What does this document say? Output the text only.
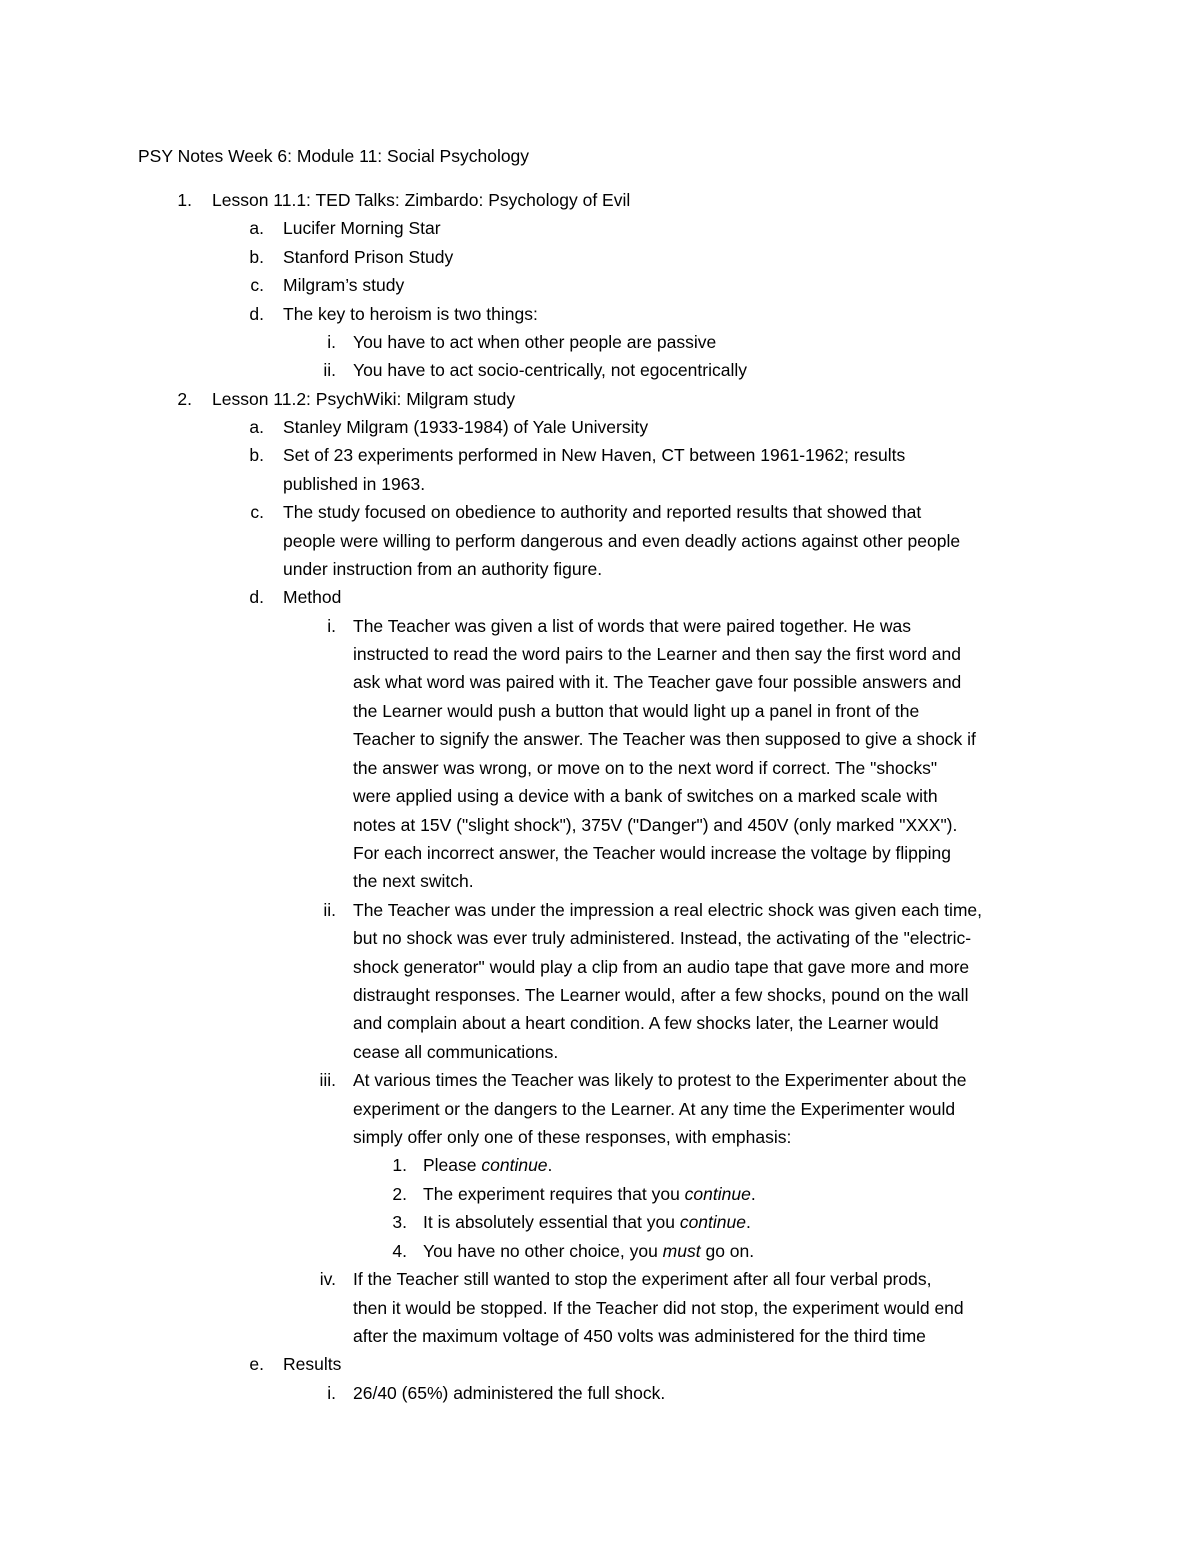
PSY Notes Week 6: Module 11: Social Psychology
1. Lesson 11.1: TED Talks: Zimbardo: Psychology of Evil
a. Lucifer Morning Star
b. Stanford Prison Study
c. Milgram’s study
d. The key to heroism is two things:
i. You have to act when other people are passive
ii. You have to act socio-centrically, not egocentrically
2. Lesson 11.2: PsychWiki: Milgram study
a. Stanley Milgram (1933-1984) of Yale University
b. Set of 23 experiments performed in New Haven, CT between 1961-1962; results
published in 1963.
c. The study focused on obedience to authority and reported results that showed that
people were willing to perform dangerous and even deadly actions against other people
under instruction from an authority figure.
d. Method
i. The Teacher was given a list of words that were paired together. He was
instructed to read the word pairs to the Learner and then say the first word and
ask what word was paired with it. The Teacher gave four possible answers and
the Learner would push a button that would light up a panel in front of the
Teacher to signify the answer. The Teacher was then supposed to give a shock if
the answer was wrong, or move on to the next word if correct. The "shocks"
were applied using a device with a bank of switches on a marked scale with
notes at 15V ("slight shock"), 375V ("Danger") and 450V (only marked "XXX").
For each incorrect answer, the Teacher would increase the voltage by flipping
the next switch.
ii. The Teacher was under the impression a real electric shock was given each time,
but no shock was ever truly administered. Instead, the activating of the "electric-
shock generator" would play a clip from an audio tape that gave more and more
distraught responses. The Learner would, after a few shocks, pound on the wall
and complain about a heart condition. A few shocks later, the Learner would
cease all communications.
iii. At various times the Teacher was likely to protest to the Experimenter about the
experiment or the dangers to the Learner. At any time the Experimenter would
simply offer only one of these responses, with emphasis:
1. Please continue.
2. The experiment requires that you continue.
3. It is absolutely essential that you continue.
4. You have no other choice, you must go on.
iv. If the Teacher still wanted to stop the experiment after all four verbal prods,
then it would be stopped. If the Teacher did not stop, the experiment would end
after the maximum voltage of 450 volts was administered for the third time
e. Results
i. 26/40 (65%) administered the full shock.
